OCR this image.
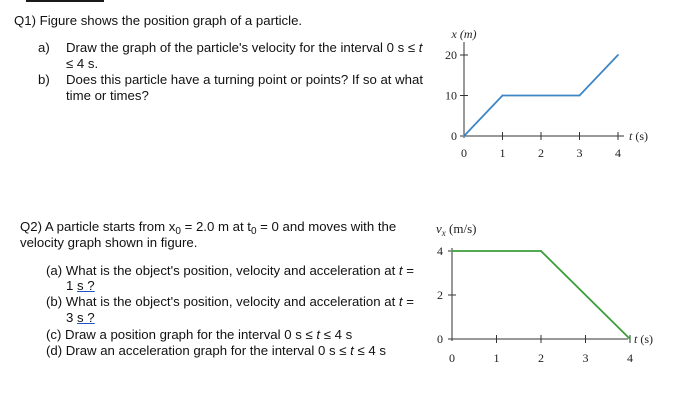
Q1) Figure shows the position graph of a particle.
a) Draw the graph of the particle's velocity for the interval 0 s ≤ t
≤ 4 s.
b) Does this particle have a turning point or points? If so at what
time or times?
Q2) A particle starts from $x_0 = 2.0$ m at $t_0 = 0$ and moves with the
velocity graph shown in figure.
(a) What is the object's position, velocity and acceleration at t =
1 s ?
(b) What is the object's position, velocity and acceleration at t =
3 s ?
(c) Draw a position graph for the interval 0 s ≤ t ≤ 4 s
(d) Draw an acceleration graph for the interval 0 s ≤ t ≤ 4 s
0
10
20
0	1	2	3	4
x (m)
t (s)
0
2
4
0	1	2	3	4
$v_x$ (m/s)
t (s)
